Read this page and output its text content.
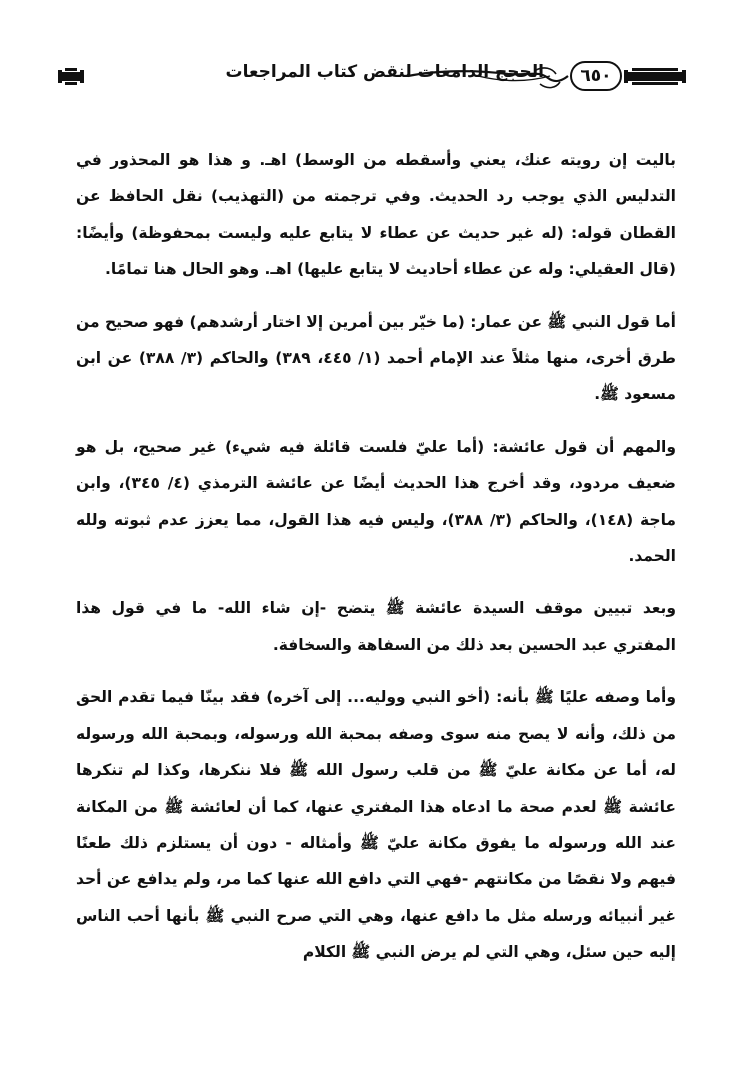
الحجج الدامغات لنقض كتاب المراجعات	٦٥٠

باليت إن رويته عنك، يعني وأسقطه من الوسط) اهـ. و هذا هو المحذور في التدليس الذي يوجب رد الحديث. وفي ترجمته من (التهذيب) نقل الحافظ عن القطان قوله: (له غير حديث عن عطاء لا يتابع عليه وليست بمحفوظة) وأيضًا: (قال العقيلي: وله عن عطاء أحاديث لا يتابع عليها) اهـ. وهو الحال هنا تمامًا.

أما قول النبي ﷺ عن عمار: (ما خيّر بين أمرين إلا اختار أرشدهم) فهو صحيح من طرق أخرى، منها مثلاً عند الإمام أحمد (١/ ٤٤٥، ٣٨٩) والحاكم (٣/ ٣٨٨) عن ابن مسعود ﷺ.

والمهم أن قول عائشة: (أما عليّ فلست قائلة فيه شيء) غير صحيح، بل هو ضعيف مردود، وقد أخرج هذا الحديث أيضًا عن عائشة الترمذي (٤/ ٣٤٥)، وابن ماجة (١٤٨)، والحاكم (٣/ ٣٨٨)، وليس فيه هذا القول، مما يعزز عدم ثبوته ولله الحمد.

وبعد تبيين موقف السيدة عائشة ﷺ يتضح -إن شاء الله- ما في قول هذا المفتري عبد الحسين بعد ذلك من السفاهة والسخافة.

وأما وصفه عليًا ﷺ بأنه: (أخو النبي ووليه... إلى آخره) فقد بينّا فيما تقدم الحق من ذلك، وأنه لا يصح منه سوى وصفه بمحبة الله ورسوله، وبمحبة الله ورسوله له، أما عن مكانة عليّ ﷺ من قلب رسول الله ﷺ فلا ننكرها، وكذا لم تنكرها عائشة ﷺ لعدم صحة ما ادعاه هذا المفتري عنها، كما أن لعائشة ﷺ من المكانة عند الله ورسوله ما يفوق مكانة عليّ ﷺ وأمثاله - دون أن يستلزم ذلك طعنًا فيهم ولا نقصًا من مكانتهم -فهي التي دافع الله عنها كما مر، ولم يدافع عن أحد غير أنبيائه ورسله مثل ما دافع عنها، وهي التي صرح النبي ﷺ بأنها أحب الناس إليه حين سئل، وهي التي لم يرض النبي ﷺ الكلام
